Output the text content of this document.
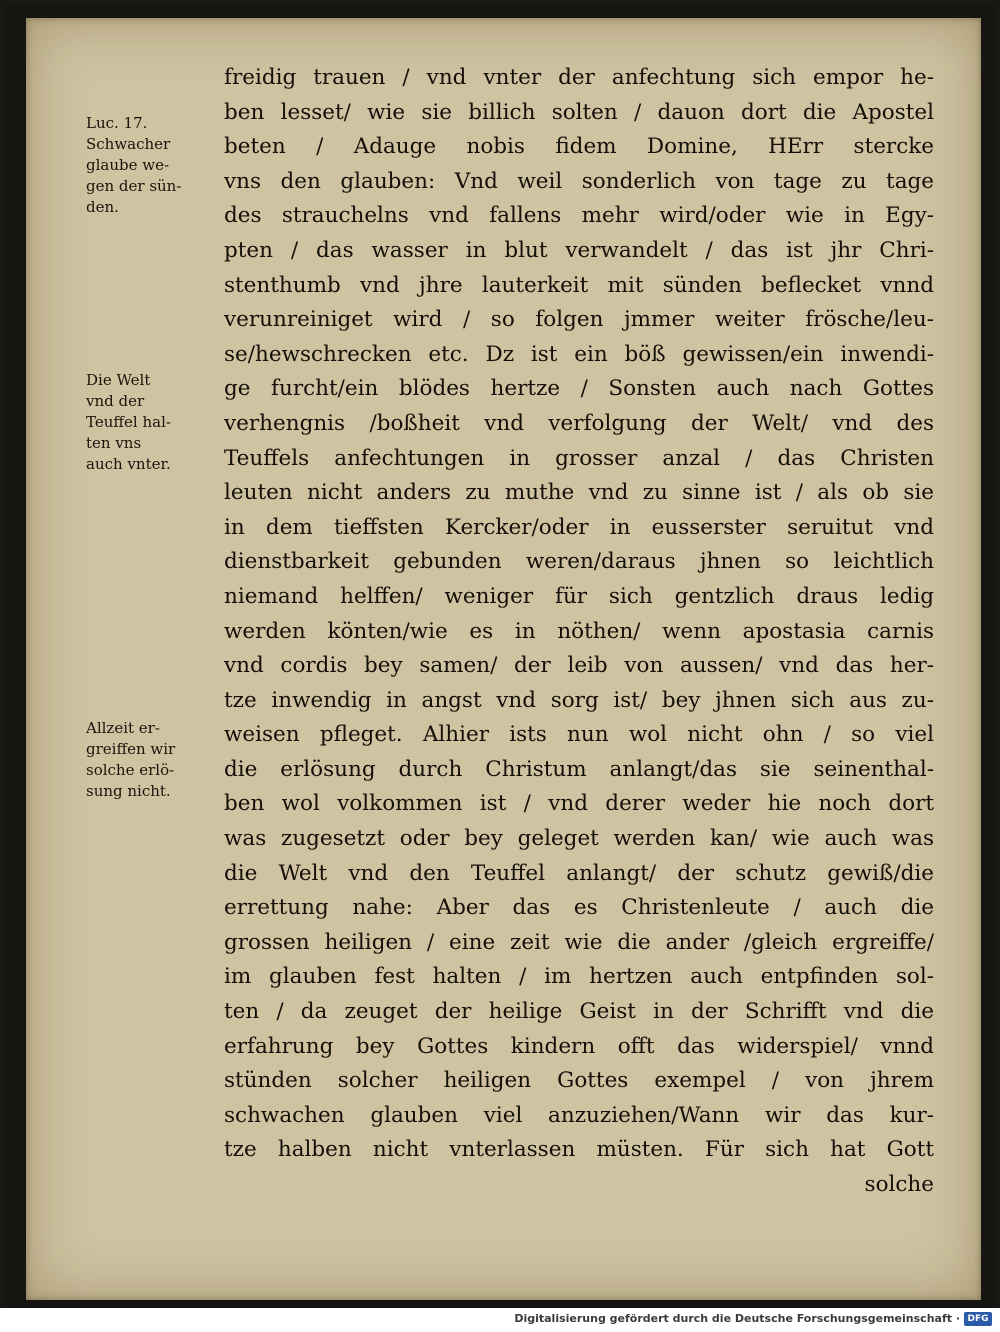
Luc. 17.
Schwacher
glaube we-
gen der sün-
den.
Die Welt
vnd der
Teuffel hal-
ten vns
auch vnter.
Allzeit er-
greiffen wir
solche erlö-
sung nicht.
freidig trauen / vnd vnter der anfechtung sich empor he-
ben lesset/ wie sie billich solten / dauon dort die Apostel
beten / Adauge nobis fidem Domine, HErr stercke
vns den glauben: Vnd weil sonderlich von tage zu tage
des strauchelns vnd fallens mehr wird/oder wie in Egy-
pten / das wasser in blut verwandelt / das ist jhr Chri-
stenthumb vnd jhre lauterkeit mit sünden beflecket vnnd
verunreiniget wird / so folgen jmmer weiter frösche/leu-
se/hewschrecken etc. Dz ist ein böß gewissen/ein inwendi-
ge furcht/ein blödes hertze / Sonsten auch nach Gottes
verhengnis /boßheit vnd verfolgung der Welt/ vnd des
Teuffels anfechtungen in grosser anzal / das Christen
leuten nicht anders zu muthe vnd zu sinne ist / als ob sie
in dem tieffsten Kercker/oder in eusserster seruitut vnd
dienstbarkeit gebunden weren/daraus jhnen so leichtlich
niemand helffen/ weniger für sich gentzlich draus ledig
werden könten/wie es in nöthen/ wenn apostasia carnis
vnd cordis bey samen/ der leib von aussen/ vnd das her-
tze inwendig in angst vnd sorg ist/ bey jhnen sich aus zu-
weisen pfleget. Alhier ists nun wol nicht ohn / so viel
die erlösung durch Christum anlangt/das sie seinenthal-
ben wol volkommen ist / vnd derer weder hie noch dort
was zugesetzt oder bey geleget werden kan/ wie auch was
die Welt vnd den Teuffel anlangt/ der schutz gewiß/die
errettung nahe: Aber das es Christenleute / auch die
grossen heiligen / eine zeit wie die ander /gleich ergreiffe/
im glauben fest halten / im hertzen auch entpfinden sol-
ten / da zeuget der heilige Geist in der Schrifft vnd die
erfahrung bey Gottes kindern offt das widerspiel/ vnnd
stünden solcher heiligen Gottes exempel / von jhrem
schwachen glauben viel anzuziehen/Wann wir das kur-
tze halben nicht vnterlassen müsten. Für sich hat Gott
solche
Digitalisierung gefördert durch die Deutsche Forschungsgemeinschaft · DFG
